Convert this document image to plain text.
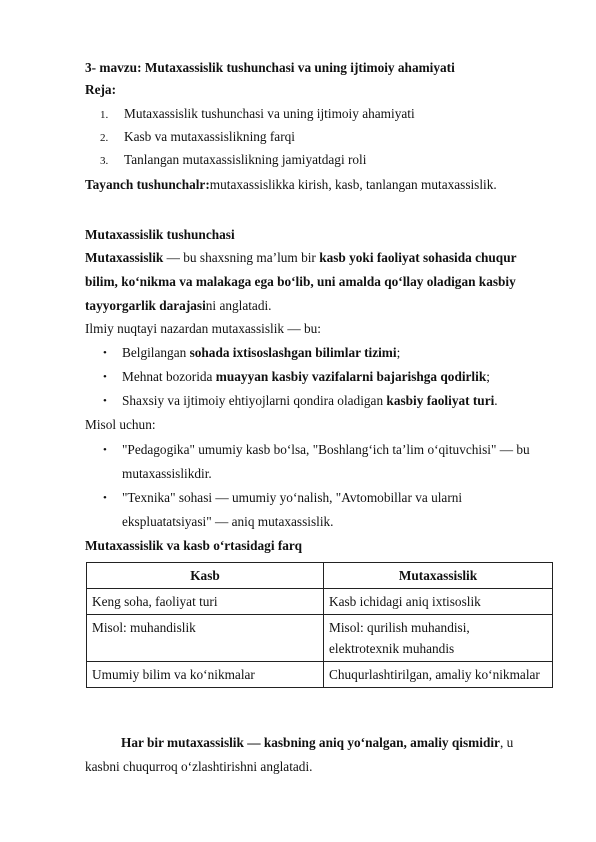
3- mavzu: Mutaxassislik tushunchasi va uning ijtimoiy ahamiyati
Reja:
1.	Mutaxassislik tushunchasi va uning ijtimoiy ahamiyati
2.	Kasb va mutaxassislikning farqi
3.	Tanlangan mutaxassislikning jamiyatdagi roli
Tayanch tushunchalr:mutaxassislikka kirish, kasb, tanlangan mutaxassislik.
Mutaxassislik tushunchasi
Mutaxassislik — bu shaxsning ma’lum bir kasb yoki faoliyat sohasida chuqur
bilim, ko‘nikma va malakaga ega bo‘lib, uni amalda qo‘llay oladigan kasbiy
tayyorgarlik darajasini anglatadi.
Ilmiy nuqtayi nazardan mutaxassislik — bu:
• Belgilangan sohada ixtisoslashgan bilimlar tizimi;
• Mehnat bozorida muayyan kasbiy vazifalarni bajarishga qodirlik;
• Shaxsiy va ijtimoiy ehtiyojlarni qondira oladigan kasbiy faoliyat turi.
Misol uchun:
• "Pedagogika" umumiy kasb bo‘lsa, "Boshlang‘ich ta’lim o‘qituvchisi" — bu
mutaxassislikdir.
• "Texnika" sohasi — umumiy yo‘nalish, "Avtomobillar va ularni
ekspluatatsiyasi" — aniq mutaxassislik.
Mutaxassislik va kasb o‘rtasidagi farq
Kasb	Mutaxassislik
Keng soha, faoliyat turi	Kasb ichidagi aniq ixtisoslik
Misol: muhandislik	Misol: qurilish muhandisi, elektrotexnik muhandis
Umumiy bilim va ko‘nikmalar	Chuqurlashtirilgan, amaliy ko‘nikmalar
Har bir mutaxassislik — kasbning aniq yo‘nalgan, amaliy qismidir, u
kasbni chuqurroq o‘zlashtirishni anglatadi.
